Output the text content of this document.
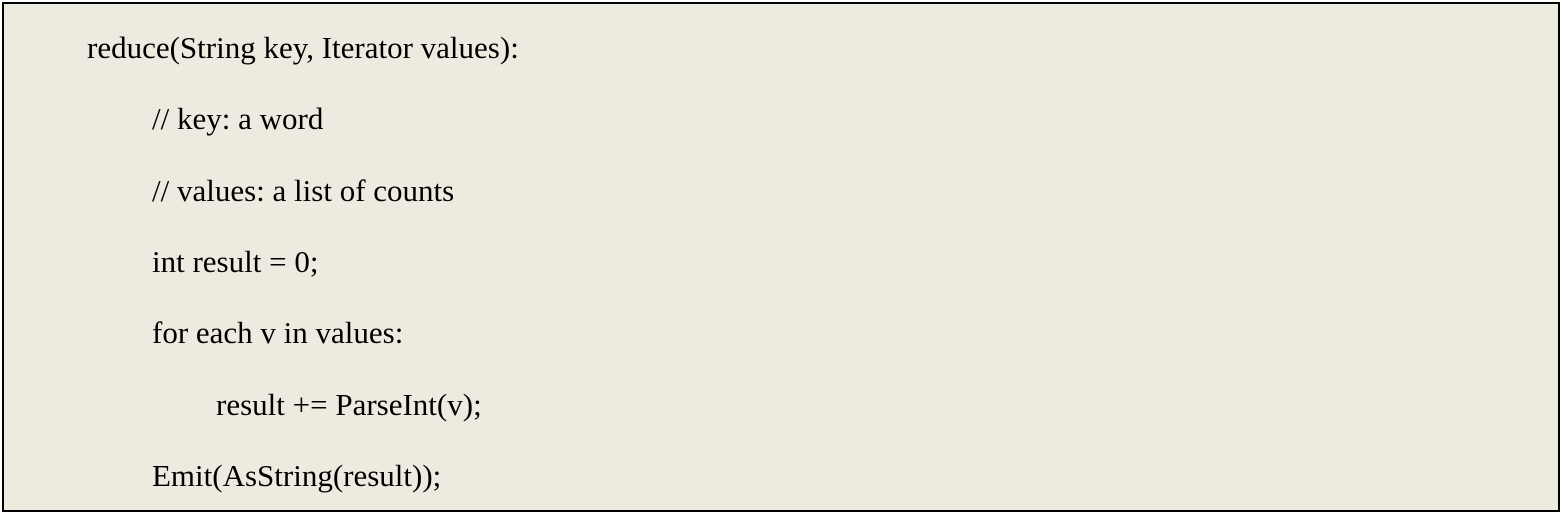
reduce(String key, Iterator values):

// key: a word

// values: a list of counts

int result = 0;

for each v in values:

result += ParseInt(v);

Emit(AsString(result));
